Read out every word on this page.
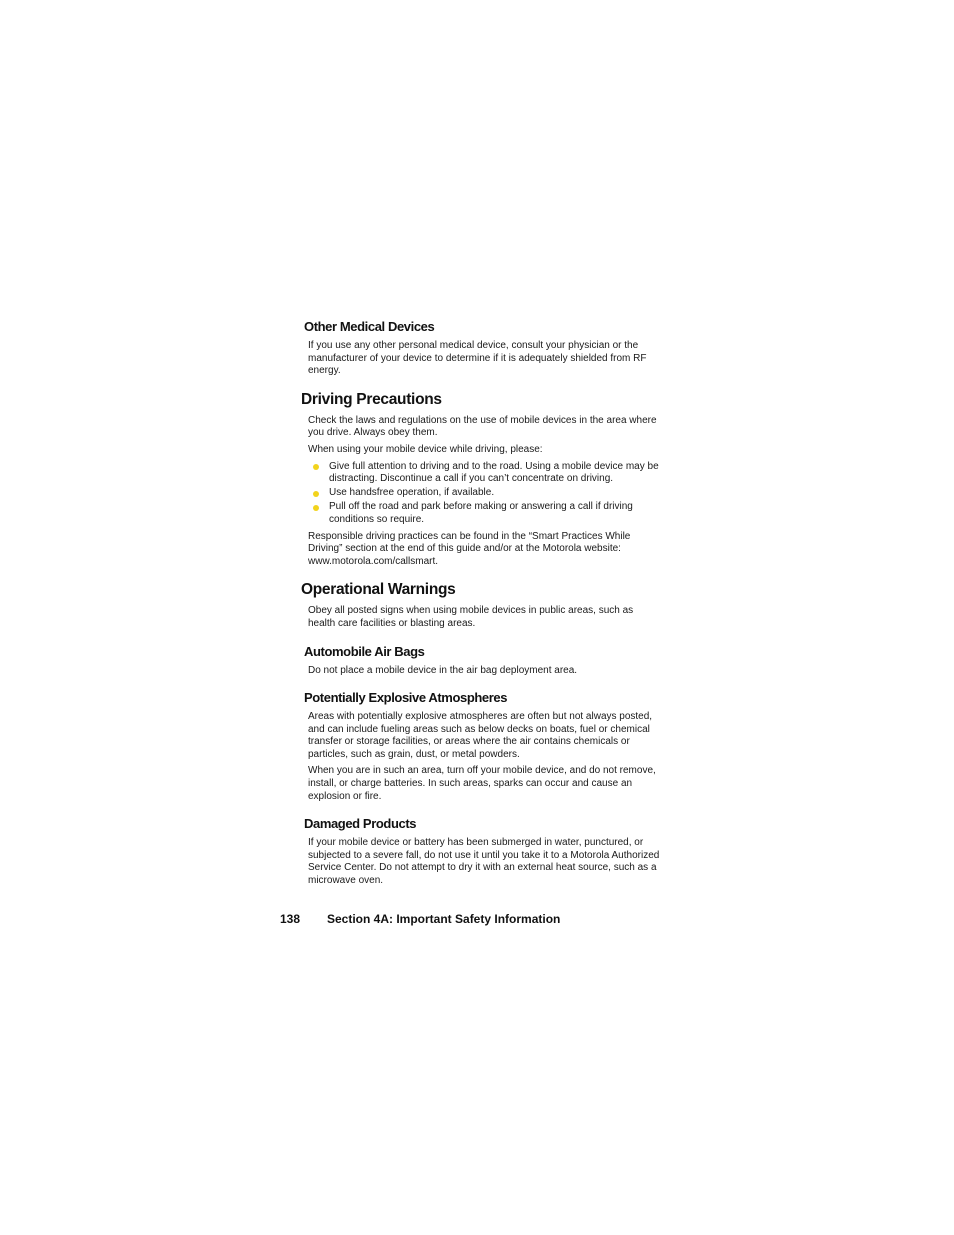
Other Medical Devices
If you use any other personal medical device, consult your physician or the manufacturer of your device to determine if it is adequately shielded from RF energy.
Driving Precautions
Check the laws and regulations on the use of mobile devices in the area where you drive. Always obey them.
When using your mobile device while driving, please:
Give full attention to driving and to the road. Using a mobile device may be distracting. Discontinue a call if you can’t concentrate on driving.
Use handsfree operation, if available.
Pull off the road and park before making or answering a call if driving conditions so require.
Responsible driving practices can be found in the “Smart Practices While Driving” section at the end of this guide and/or at the Motorola website: www.motorola.com/callsmart.
Operational Warnings
Obey all posted signs when using mobile devices in public areas, such as health care facilities or blasting areas.
Automobile Air Bags
Do not place a mobile device in the air bag deployment area.
Potentially Explosive Atmospheres
Areas with potentially explosive atmospheres are often but not always posted, and can include fueling areas such as below decks on boats, fuel or chemical transfer or storage facilities, or areas where the air contains chemicals or particles, such as grain, dust, or metal powders.
When you are in such an area, turn off your mobile device, and do not remove, install, or charge batteries. In such areas, sparks can occur and cause an explosion or fire.
Damaged Products
If your mobile device or battery has been submerged in water, punctured, or subjected to a severe fall, do not use it until you take it to a Motorola Authorized Service Center. Do not attempt to dry it with an external heat source, such as a microwave oven.
138 Section 4A: Important Safety Information
